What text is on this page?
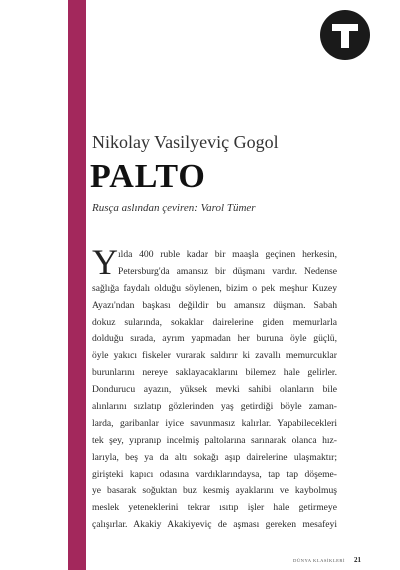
Nikolay Vasilyeviç Gogol
PALTO
Rusça aslından çeviren: Varol Tümer
Y ılda 400 ruble kadar bir maaşla geçinen herkesin,
Petersburg'da amansız bir düşmanı vardır. Nedense
sağlığa faydalı olduğu söylenen, bizim o pek meşhur Kuzey
Ayazı'ndan başkası değildir bu amansız düşman. Sabah
dokuz sularında, sokaklar dairelerine giden memurlarla
dolduğu sırada, ayrım yapmadan her buruna öyle güçlü,
öyle yakıcı fiskeler vurarak saldırır ki zavallı memurcuklar
burunlarını nereye saklayacaklarını bilemez hale gelirler.
Dondurucu ayazın, yüksek mevki sahibi olanların bile
alınlarını sızlatıp gözlerinden yaş getirdiği böyle zaman-
larda, garibanlar iyice savunmasız kalırlar. Yapabilecekleri
tek şey, yıpranıp incelmiş paltolarına sarınarak olanca hız-
larıyla, beş ya da altı sokağı aşıp dairelerine ulaşmaktır;
girişteki kapıcı odasına vardıklarındaysa, tap tap döşeme-
ye basarak soğuktan buz kesmiş ayaklarını ve kaybolmuş
meslek yeteneklerini tekrar ısıtıp işler hale getirmeye
çalışırlar. Akakiy Akakiyeviç de aşması gereken mesafeyi
DÜNYA KLASİKLERİ 21
